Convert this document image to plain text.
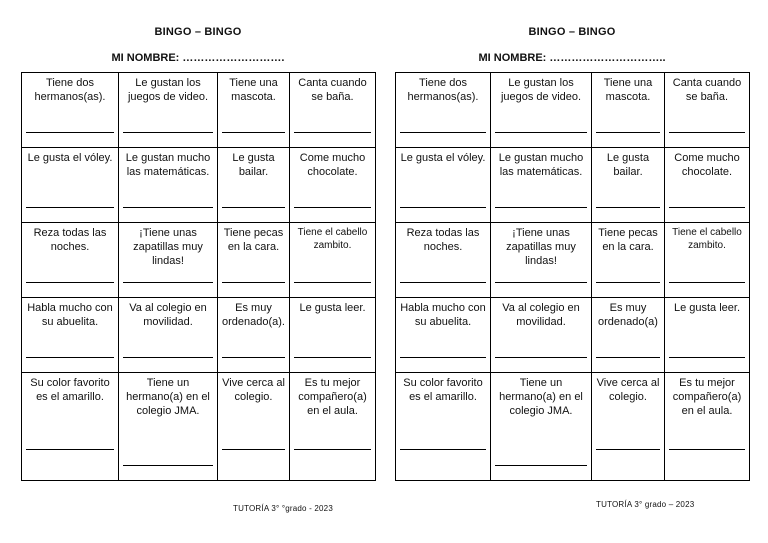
BINGO – BINGO
MI NOMBRE: ……………………….
Tiene dos hermanos(as).	Le gustan los juegos de video.	Tiene una mascota.	Canta cuando se baña.

Le gusta el vóley.	Le gustan mucho las matemáticas.	Le gusta bailar.	Come mucho chocolate.

Reza todas las noches.	¡Tiene unas zapatillas muy lindas!	Tiene pecas en la cara.	Tiene el cabello zambito.

Habla mucho con su abuelita.	Va al colegio en movilidad.	Es muy ordenado(a).	Le gusta leer.

Su color favorito es el amarillo.	Tiene un hermano(a) en el colegio JMA.	Vive cerca al colegio.	Es tu mejor compañero(a) en el aula.
TUTORÍA 3° °grado - 2023
BINGO – BINGO
MI NOMBRE: …………………………..
Tiene dos hermanos(as).	Le gustan los juegos de video.	Tiene una mascota.	Canta cuando se baña.

Le gusta el vóley.	Le gustan mucho las matemáticas.	Le gusta bailar.	Come mucho chocolate.

Reza todas las noches.	¡Tiene unas zapatillas muy lindas!	Tiene pecas en la cara.	Tiene el cabello zambito.

Habla mucho con su abuelita.	Va al colegio en movilidad.	Es muy ordenado(a)	Le gusta leer.

Su color favorito es el amarillo.	Tiene un hermano(a) en el colegio JMA.	Vive cerca al colegio.	Es tu mejor compañero(a) en el aula.
TUTORÍA 3° grado – 2023
